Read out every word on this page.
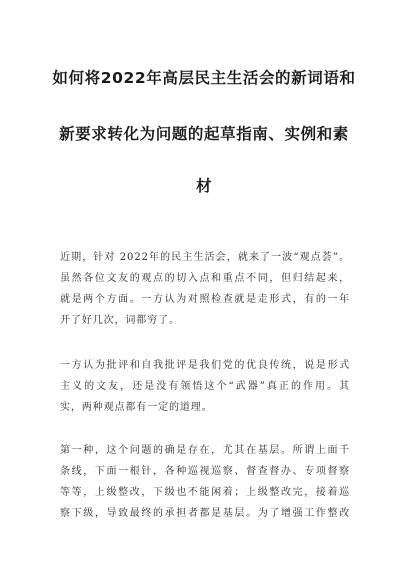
如何将2022年高层民主生活会的新词语和
新要求转化为问题的起草指南、实例和素
材
近期，针对 2022年的民主生活会，就来了一波“观点荟”。
虽然各位文友的观点的切入点和重点不同，但归结起来，
就是两个方面。一方认为对照检查就是走形式，有的一年
开了好几次，词都穷了。
一方认为批评和自我批评是我们党的优良传统，说是形式
主义的文友，还是没有领悟这个“武器”真正的作用。其
实，两种观点都有一定的道理。
第一种，这个问题的确是存在，尤其在基层。所谓上面千
条线，下面一根针，各种巡视巡察、督查督办、专项督察
等等，上级整改，下级也不能闲着；上级整改完，接着巡
察下级，导致最终的承担者都是基层。为了增强工作整改
